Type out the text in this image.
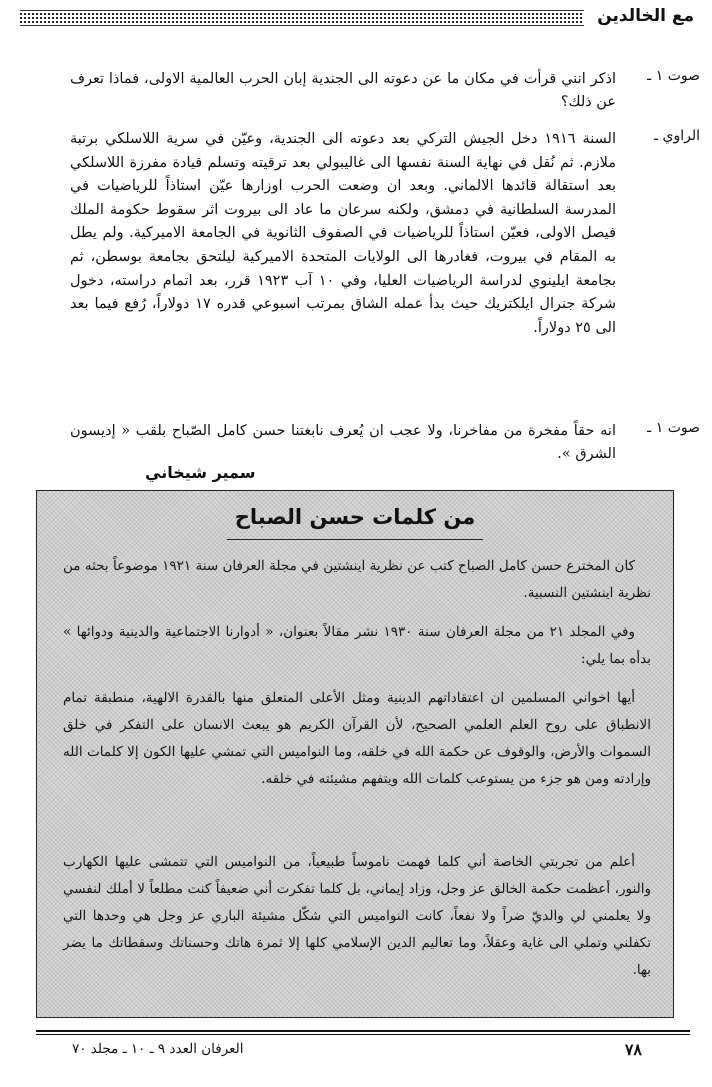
مع الخالدين
صوت ١ ـ
اذكر انني قرأت في مكان ما عن دعوته الى الجندية إبان الحرب العالمية الاولى، فماذا تعرف عن ذلك؟
الراوي ـ
السنة ١٩١٦ دخل الجيش التركي بعد دعوته الى الجندية، وعيّن في سرية اللاسلكي برتبة ملازم. ثم نُقل في نهاية السنة نفسها الى غاليبولي بعد ترقيته وتسلم قيادة مفرزة اللاسلكي بعد استقالة قائدها الالماني. وبعد ان وضعت الحرب اوزارها عيّن استاذاً للرياضيات في المدرسة السلطانية في دمشق، ولكنه سرعان ما عاد الى بيروت اثر سقوط حكومة الملك فيصل الاولى، فعيّن استاذاً للرياضيات في الصفوف الثانوية في الجامعة الاميركية. ولم يطل به المقام في بيروت، فغادرها الى الولايات المتحدة الاميركية ليلتحق بجامعة بوسطن، ثم بجامعة ايلينوي لدراسة الرياضيات العليا، وفي ١٠ آب ١٩٢٣ قرر، بعد اتمام دراسته، دخول شركة جنرال ايلكتريك حيث بدأ عمله الشاق بمرتب اسبوعي قدره ١٧ دولاراً، رُفع فيما بعد الى ٢٥ دولاراً.
صوت ١ ـ
انه حقاً مفخرة من مفاخرنا، ولا عجب ان يُعرف نابغتنا حسن كامل الصّباح بلقب « إديسون الشرق ».
سمير شيخاني
من كلمات حسن الصباح
كان المخترع حسن كامل الصباح كتب عن نظرية اينشتين في مجلة العرفان سنة ١٩٢١ موضوعاً بحثه من نظرية اينشتين النسبية.
وفي المجلد ٢١ من مجلة العرفان سنة ١٩٣٠ نشر مقالاً بعنوان، « أدوارنا الاجتماعية والدينية ودوائها » بدأه بما يلي:
أيها اخواني المسلمين ان اعتقاداتهم الدينية ومثل الأعلى المتعلق منها بالقدرة الالهية، منطبقة تمام الانطباق على روح العلم العلمي الصحيح، لأن القرآن الكريم هو يبعث الانسان على التفكر في خلق السموات والأرض، والوقوف عن حكمة الله في خلقه، وما النواميس التي تمشي عليها الكون إلا كلمات الله وإرادته ومن هو جزء من يستوعب كلمات الله ويتفهم مشيئته في خلقه.
أعلم من تجربتي الخاصة أني كلما فهمت ناموساً طبيعياً، من النواميس التي تتمشى عليها الكهارب والنور، أعظمت حكمة الخالق عز وجل، وزاد إيماني، بل كلما تفكرت أني ضعيفاً كنت مطلعاً لا أملك لنفسي ولا يعلمني لي والديّ ضراً ولا نفعاً، كانت النواميس التي شكّل مشيئة الباري عز وجل هي وحدها التي تكفلني وتملي الى غاية وعقلاً، وما تعاليم الدين الإسلامي كلها إلا ثمرة هاتك وحسناتك وسقطاتك ما يضر بها.
٧٨
العرفان العدد ٩ ـ ١٠ ـ مجلد ٧٠
